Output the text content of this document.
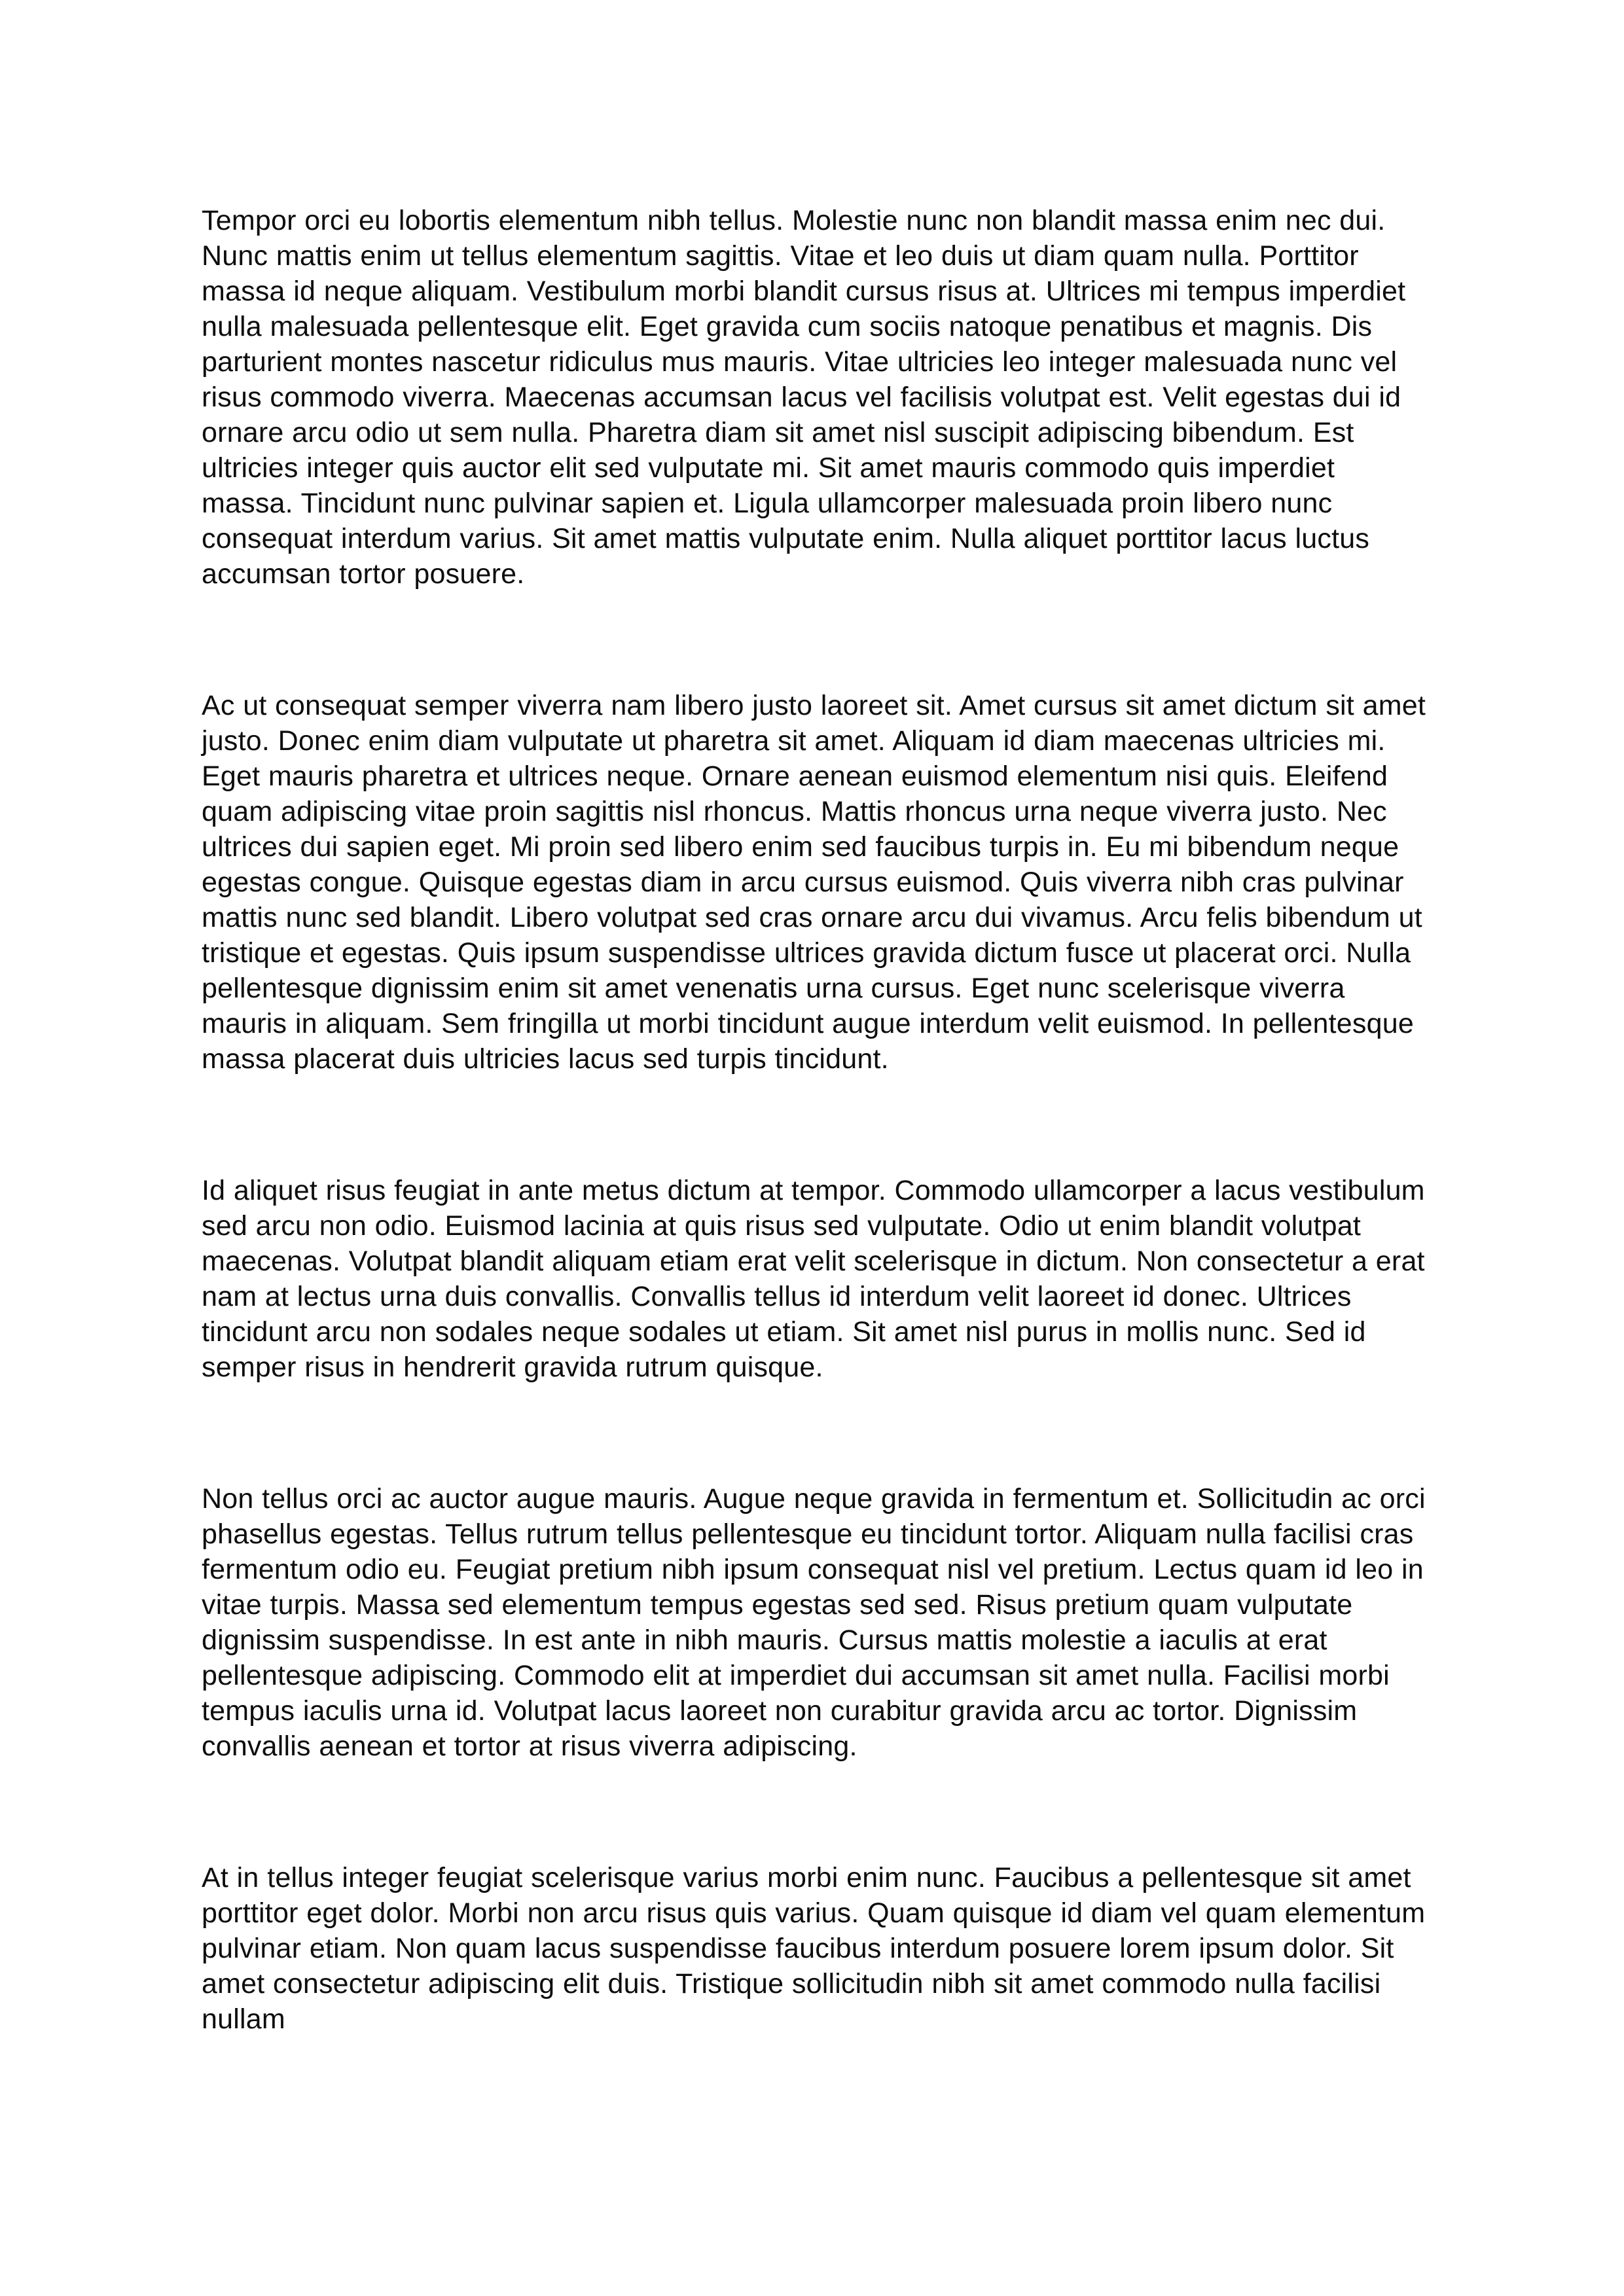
Tempor orci eu lobortis elementum nibh tellus. Molestie nunc non blandit massa enim nec dui. Nunc mattis enim ut tellus elementum sagittis. Vitae et leo duis ut diam quam nulla. Porttitor massa id neque aliquam. Vestibulum morbi blandit cursus risus at. Ultrices mi tempus imperdiet nulla malesuada pellentesque elit. Eget gravida cum sociis natoque penatibus et magnis. Dis parturient montes nascetur ridiculus mus mauris. Vitae ultricies leo integer malesuada nunc vel risus commodo viverra. Maecenas accumsan lacus vel facilisis volutpat est. Velit egestas dui id ornare arcu odio ut sem nulla. Pharetra diam sit amet nisl suscipit adipiscing bibendum. Est ultricies integer quis auctor elit sed vulputate mi. Sit amet mauris commodo quis imperdiet massa. Tincidunt nunc pulvinar sapien et. Ligula ullamcorper malesuada proin libero nunc consequat interdum varius. Sit amet mattis vulputate enim. Nulla aliquet porttitor lacus luctus accumsan tortor posuere.

Ac ut consequat semper viverra nam libero justo laoreet sit. Amet cursus sit amet dictum sit amet justo. Donec enim diam vulputate ut pharetra sit amet. Aliquam id diam maecenas ultricies mi. Eget mauris pharetra et ultrices neque. Ornare aenean euismod elementum nisi quis. Eleifend quam adipiscing vitae proin sagittis nisl rhoncus. Mattis rhoncus urna neque viverra justo. Nec ultrices dui sapien eget. Mi proin sed libero enim sed faucibus turpis in. Eu mi bibendum neque egestas congue. Quisque egestas diam in arcu cursus euismod. Quis viverra nibh cras pulvinar mattis nunc sed blandit. Libero volutpat sed cras ornare arcu dui vivamus. Arcu felis bibendum ut tristique et egestas. Quis ipsum suspendisse ultrices gravida dictum fusce ut placerat orci. Nulla pellentesque dignissim enim sit amet venenatis urna cursus. Eget nunc scelerisque viverra mauris in aliquam. Sem fringilla ut morbi tincidunt augue interdum velit euismod. In pellentesque massa placerat duis ultricies lacus sed turpis tincidunt.

Id aliquet risus feugiat in ante metus dictum at tempor. Commodo ullamcorper a lacus vestibulum sed arcu non odio. Euismod lacinia at quis risus sed vulputate. Odio ut enim blandit volutpat maecenas. Volutpat blandit aliquam etiam erat velit scelerisque in dictum. Non consectetur a erat nam at lectus urna duis convallis. Convallis tellus id interdum velit laoreet id donec. Ultrices tincidunt arcu non sodales neque sodales ut etiam. Sit amet nisl purus in mollis nunc. Sed id semper risus in hendrerit gravida rutrum quisque.

Non tellus orci ac auctor augue mauris. Augue neque gravida in fermentum et. Sollicitudin ac orci phasellus egestas. Tellus rutrum tellus pellentesque eu tincidunt tortor. Aliquam nulla facilisi cras fermentum odio eu. Feugiat pretium nibh ipsum consequat nisl vel pretium. Lectus quam id leo in vitae turpis. Massa sed elementum tempus egestas sed sed. Risus pretium quam vulputate dignissim suspendisse. In est ante in nibh mauris. Cursus mattis molestie a iaculis at erat pellentesque adipiscing. Commodo elit at imperdiet dui accumsan sit amet nulla. Facilisi morbi tempus iaculis urna id. Volutpat lacus laoreet non curabitur gravida arcu ac tortor. Dignissim convallis aenean et tortor at risus viverra adipiscing.

At in tellus integer feugiat scelerisque varius morbi enim nunc. Faucibus a pellentesque sit amet porttitor eget dolor. Morbi non arcu risus quis varius. Quam quisque id diam vel quam elementum pulvinar etiam. Non quam lacus suspendisse faucibus interdum posuere lorem ipsum dolor. Sit amet consectetur adipiscing elit duis. Tristique sollicitudin nibh sit amet commodo nulla facilisi nullam
